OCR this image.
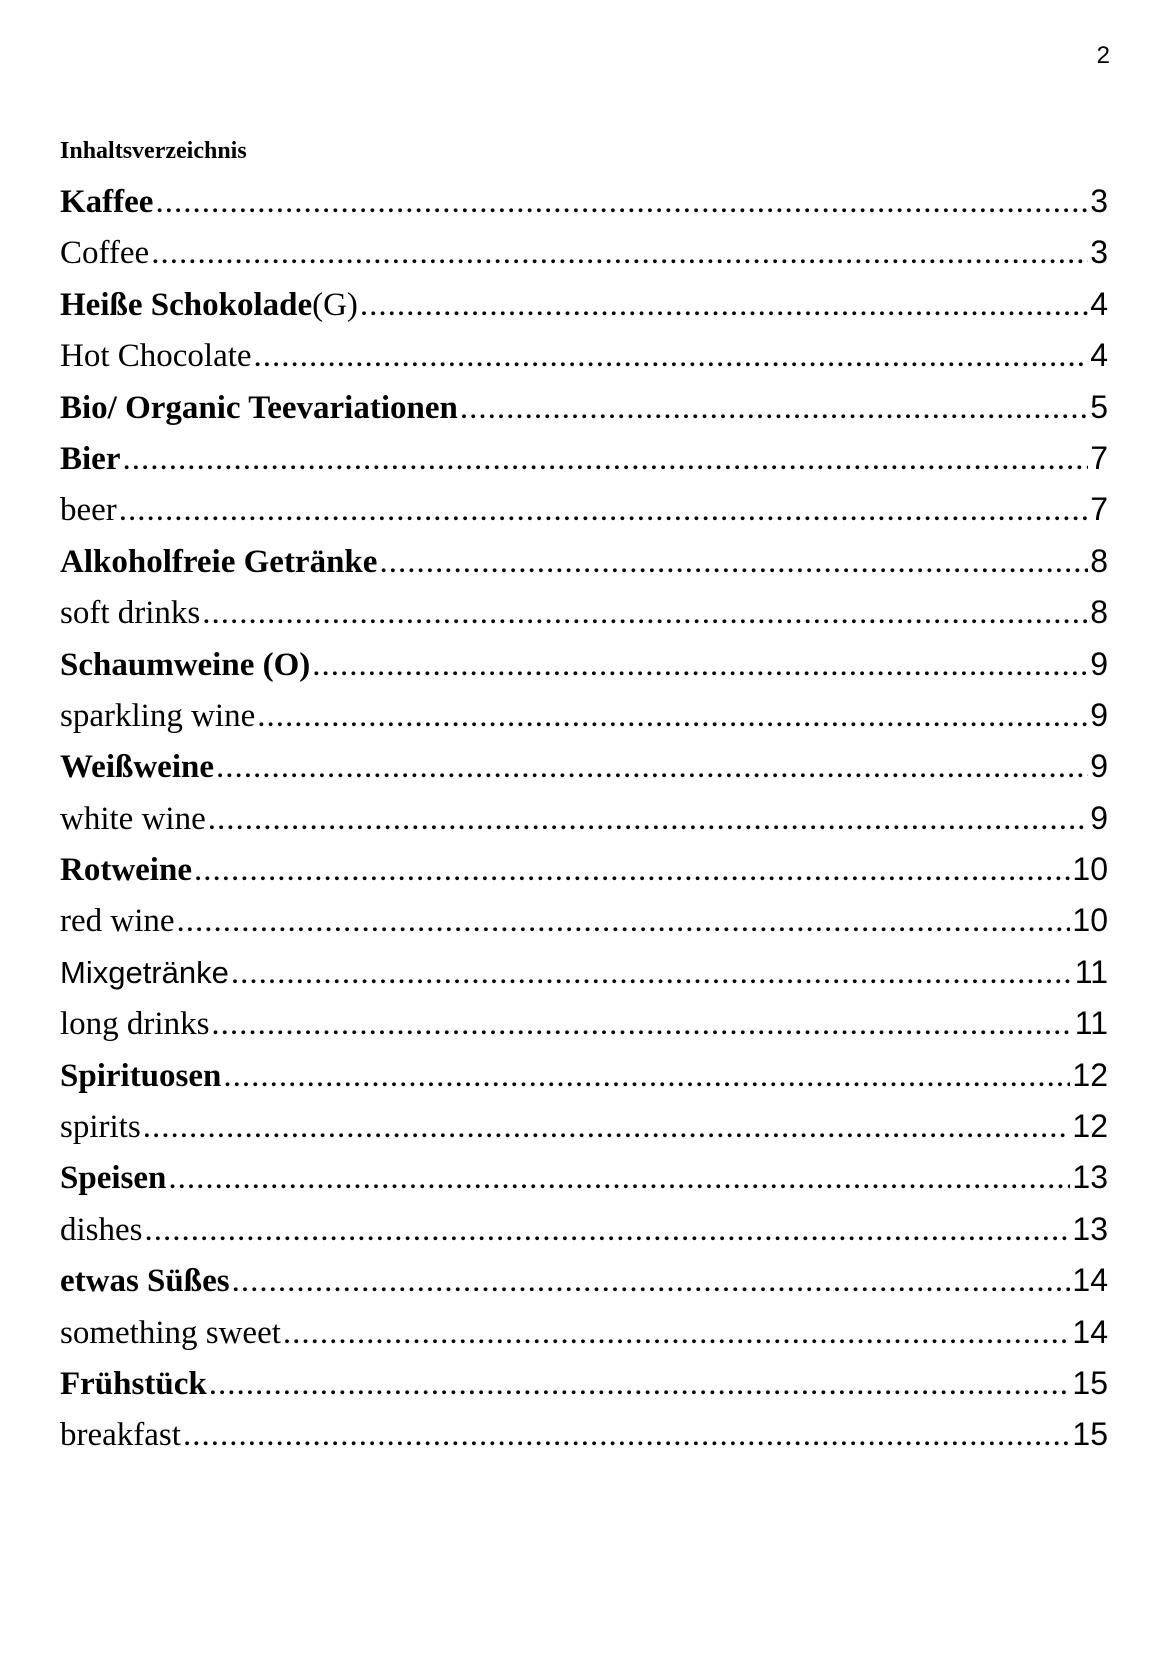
2
Inhaltsverzeichnis
Kaffee .....	3
Coffee .....	3
Heiße Schokolade(G) .....	4
Hot Chocolate .....	4
Bio/ Organic Teevariationen .....	5
Bier .....	7
beer .....	7
Alkoholfreie Getränke .....	8
soft drinks .....	8
Schaumweine (O) .....	9
sparkling wine .....	9
Weißweine .....	9
white wine .....	9
Rotweine .....	10
red wine .....	10
Mixgetränke .....	11
long drinks .....	11
Spirituosen .....	12
spirits .....	12
Speisen .....	13
dishes .....	13
etwas Süßes .....	14
something sweet .....	14
Frühstück .....	15
breakfast .....	15
